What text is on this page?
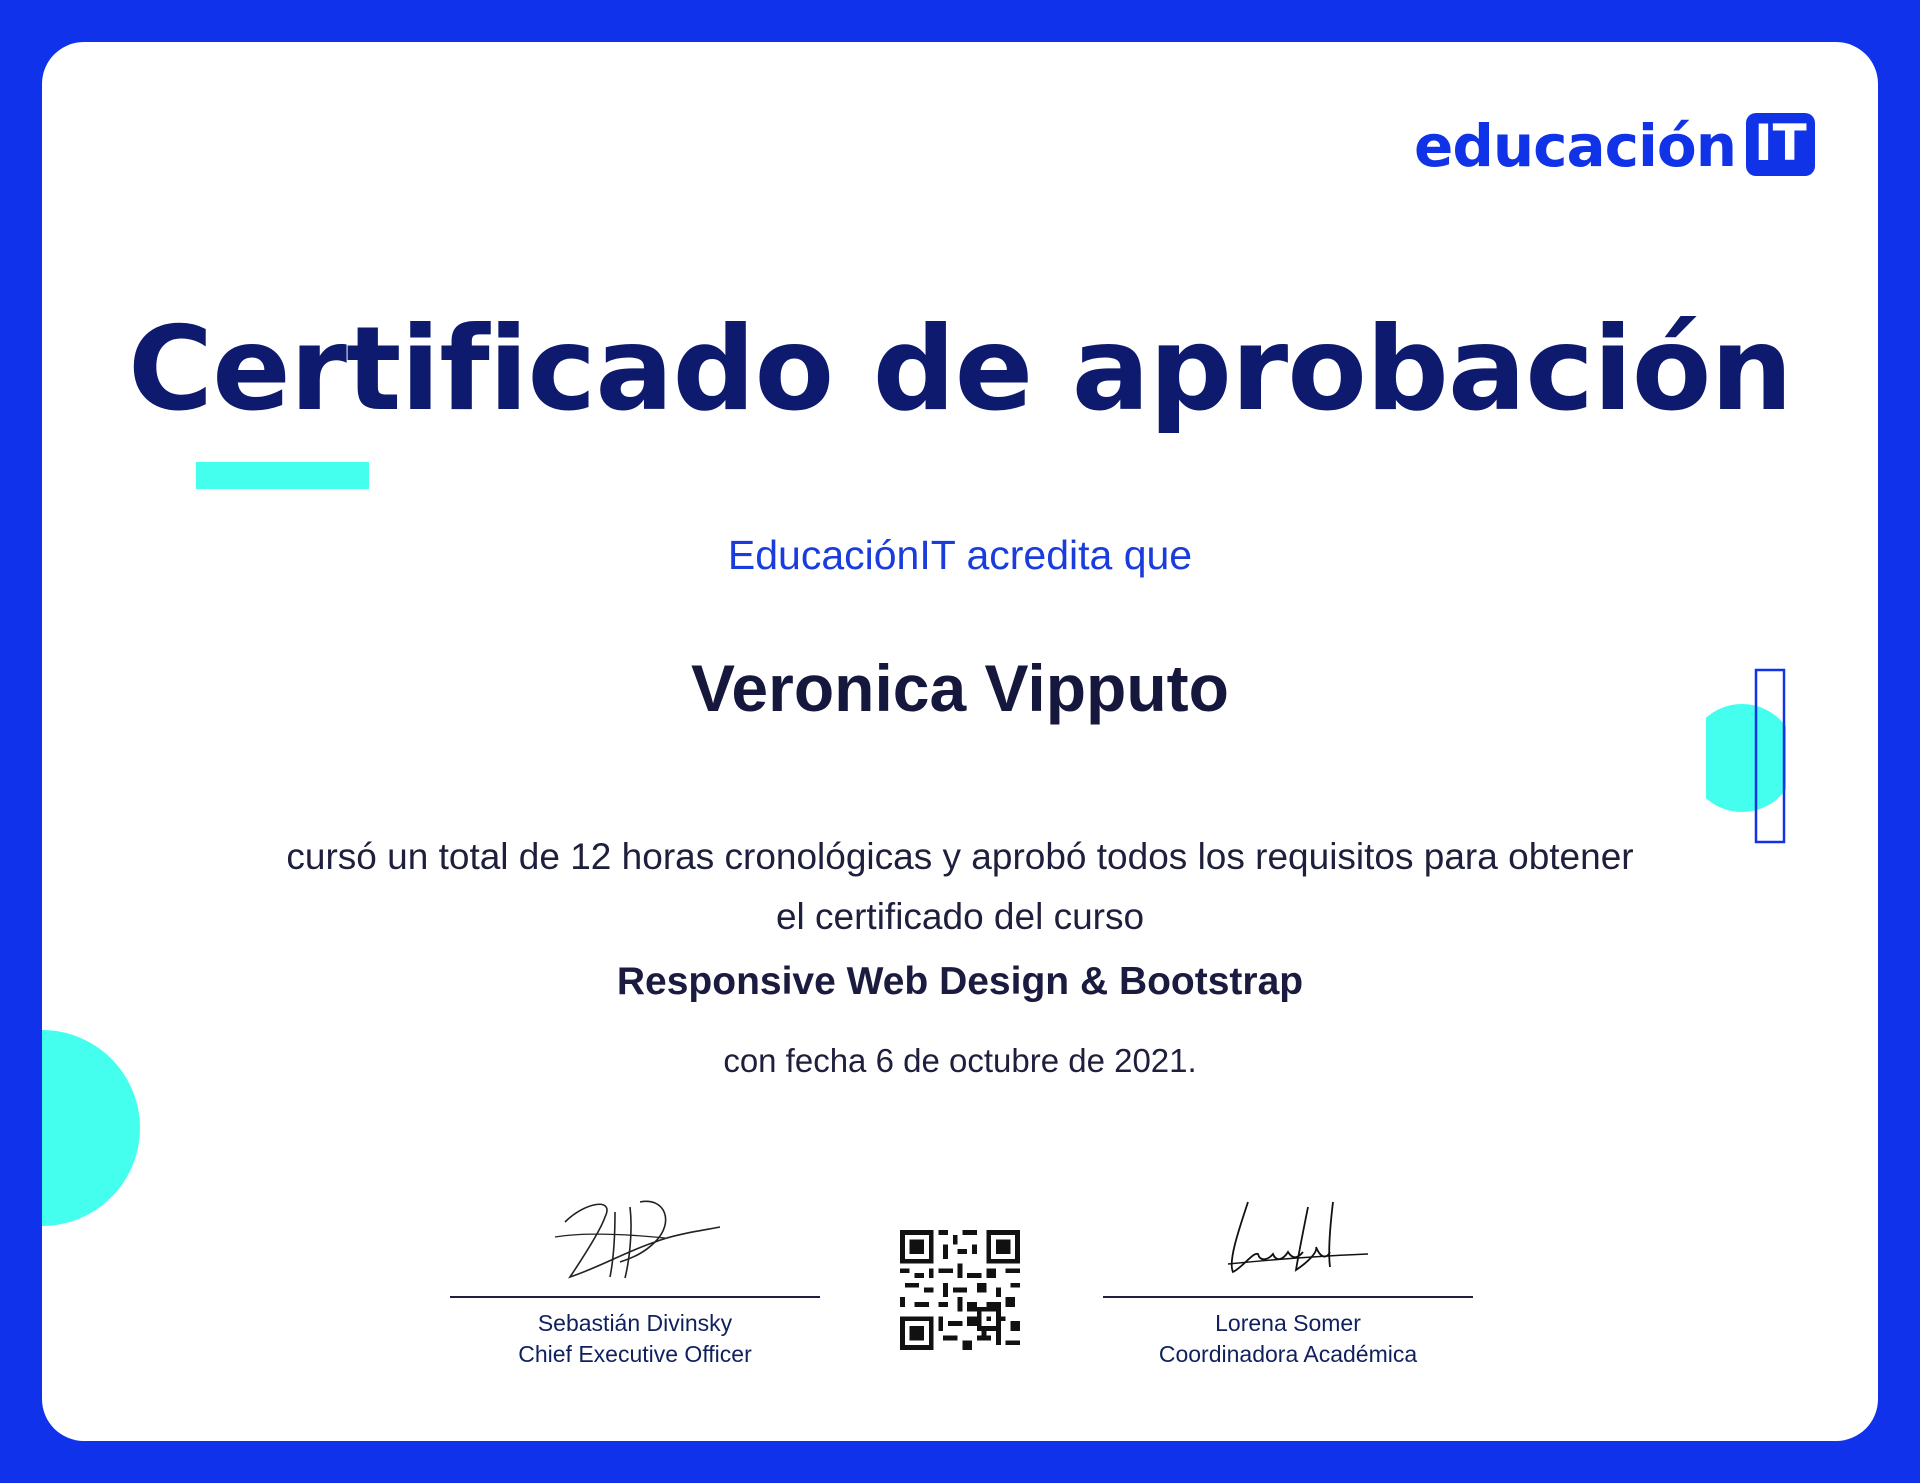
educación IT
Certificado de aprobación
EducaciónIT acredita que
Veronica Vipputo
cursó un total de 12 horas cronológicas y aprobó todos los requisitos para obtener
el certificado del curso
Responsive Web Design & Bootstrap
con fecha 6 de octubre de 2021.
Sebastián Divinsky
Chief Executive Officer
Lorena Somer
Coordinadora Académica
